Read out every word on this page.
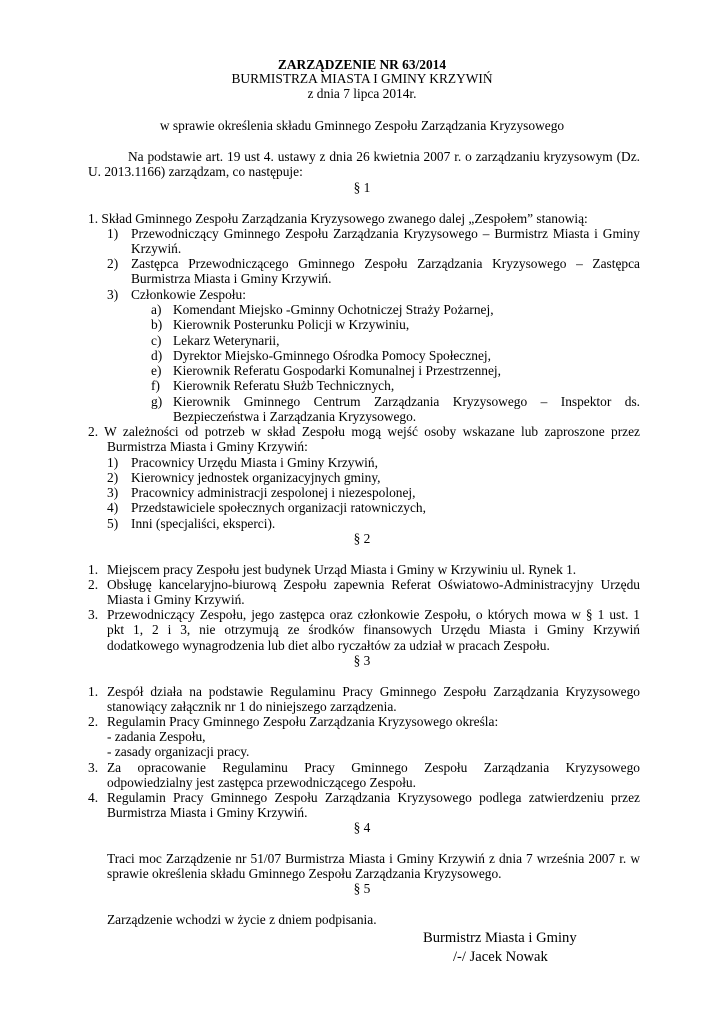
ZARZĄDZENIE NR 63/2014
BURMISTRZA MIASTA I GMINY KRZYWIŃ
z dnia 7 lipca 2014r.
w sprawie określenia składu Gminnego Zespołu Zarządzania Kryzysowego
Na podstawie art. 19 ust 4. ustawy z dnia 26 kwietnia 2007 r. o zarządzaniu kryzysowym (Dz.
U. 2013.1166) zarządzam, co następuje:
§ 1
1. Skład Gminnego Zespołu Zarządzania Kryzysowego zwanego dalej „Zespołem” stanowią:
1) Przewodniczący Gminnego Zespołu Zarządzania Kryzysowego – Burmistrz Miasta i Gminy
Krzywiń.
2) Zastępca Przewodniczącego Gminnego Zespołu Zarządzania Kryzysowego – Zastępca
Burmistrza Miasta i Gminy Krzywiń.
3) Członkowie Zespołu:
a) Komendant Miejsko -Gminny Ochotniczej Straży Pożarnej,
b) Kierownik Posterunku Policji w Krzywiniu,
c) Lekarz Weterynarii,
d) Dyrektor Miejsko-Gminnego Ośrodka Pomocy Społecznej,
e) Kierownik Referatu Gospodarki Komunalnej i Przestrzennej,
f) Kierownik Referatu Służb Technicznych,
g) Kierownik Gminnego Centrum Zarządzania Kryzysowego – Inspektor ds.
Bezpieczeństwa i Zarządzania Kryzysowego.
2. W zależności od potrzeb w skład Zespołu mogą wejść osoby wskazane lub zaproszone przez
Burmistrza Miasta i Gminy Krzywiń:
1) Pracownicy Urzędu Miasta i Gminy Krzywiń,
2) Kierownicy jednostek organizacyjnych gminy,
3) Pracownicy administracji zespolonej i niezespolonej,
4) Przedstawiciele społecznych organizacji ratowniczych,
5) Inni (specjaliści, eksperci).
§ 2
1. Miejscem pracy Zespołu jest budynek Urząd Miasta i Gminy w Krzywiniu ul. Rynek 1.
2. Obsługę kancelaryjno-biurową Zespołu zapewnia Referat Oświatowo-Administracyjny Urzędu
Miasta i Gminy Krzywiń.
3. Przewodniczący Zespołu, jego zastępca oraz członkowie Zespołu, o których mowa w § 1 ust. 1
pkt 1, 2 i 3, nie otrzymują ze środków finansowych Urzędu Miasta i Gminy Krzywiń
dodatkowego wynagrodzenia lub diet albo ryczałtów za udział w pracach Zespołu.
§ 3
1. Zespół działa na podstawie Regulaminu Pracy Gminnego Zespołu Zarządzania Kryzysowego
stanowiący załącznik nr 1 do niniejszego zarządzenia.
2. Regulamin Pracy Gminnego Zespołu Zarządzania Kryzysowego określa:
- zadania Zespołu,
- zasady organizacji pracy.
3. Za opracowanie Regulaminu Pracy Gminnego Zespołu Zarządzania Kryzysowego
odpowiedzialny jest zastępca przewodniczącego Zespołu.
4. Regulamin Pracy Gminnego Zespołu Zarządzania Kryzysowego podlega zatwierdzeniu przez
Burmistrza Miasta i Gminy Krzywiń.
§ 4
Traci moc Zarządzenie nr 51/07 Burmistrza Miasta i Gminy Krzywiń z dnia 7 września 2007 r. w
sprawie określenia składu Gminnego Zespołu Zarządzania Kryzysowego.
§ 5
Zarządzenie wchodzi w życie z dniem podpisania.
Burmistrz Miasta i Gminy
/-/ Jacek Nowak
